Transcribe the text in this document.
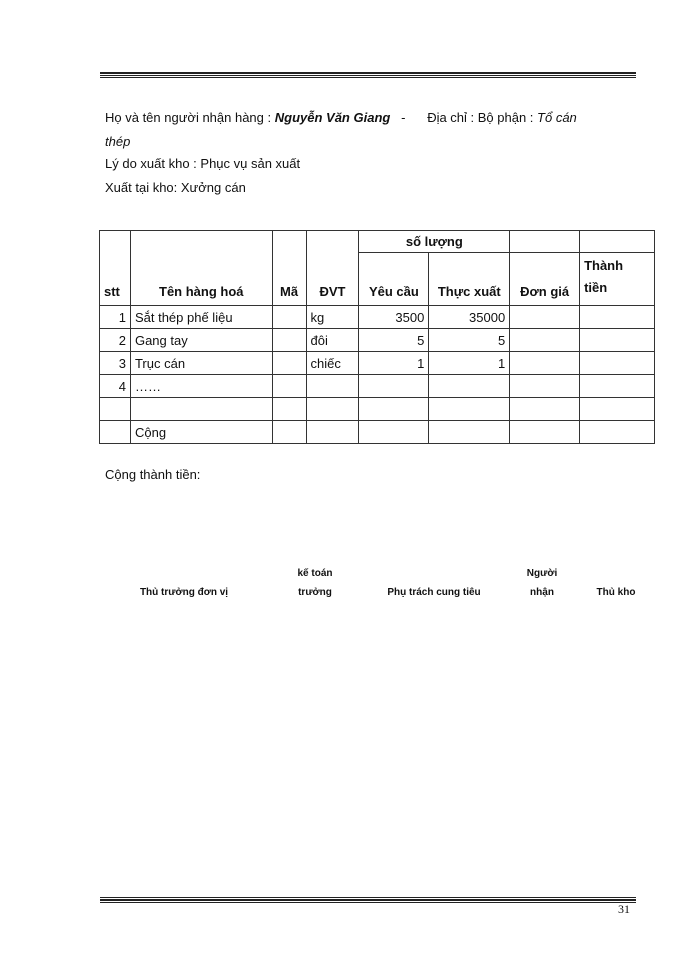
Họ và tên người nhận hàng : Nguyễn Văn Giang - Địa chỉ : Bộ phận : Tổ cán
thép
Lý do xuất kho : Phục vụ sản xuất
Xuất tại kho: Xưởng cán
stt	Tên hàng hoá	Mã	ĐVT	số lượng			
				Yêu cầu	Thực xuất	Đơn giá	Thành
tiền
1	Sắt thép phế liệu		kg	3500	35000		
2	Gang tay		đôi	5	5		
3	Trục cán		chiếc	1	1		
4	……						

	Cộng						
Cộng thành tiền:
Thủ trưởng đơn vị
kế toán
trưởng	Phụ trách cung tiêu
Người
nhận	Thủ kho
31
